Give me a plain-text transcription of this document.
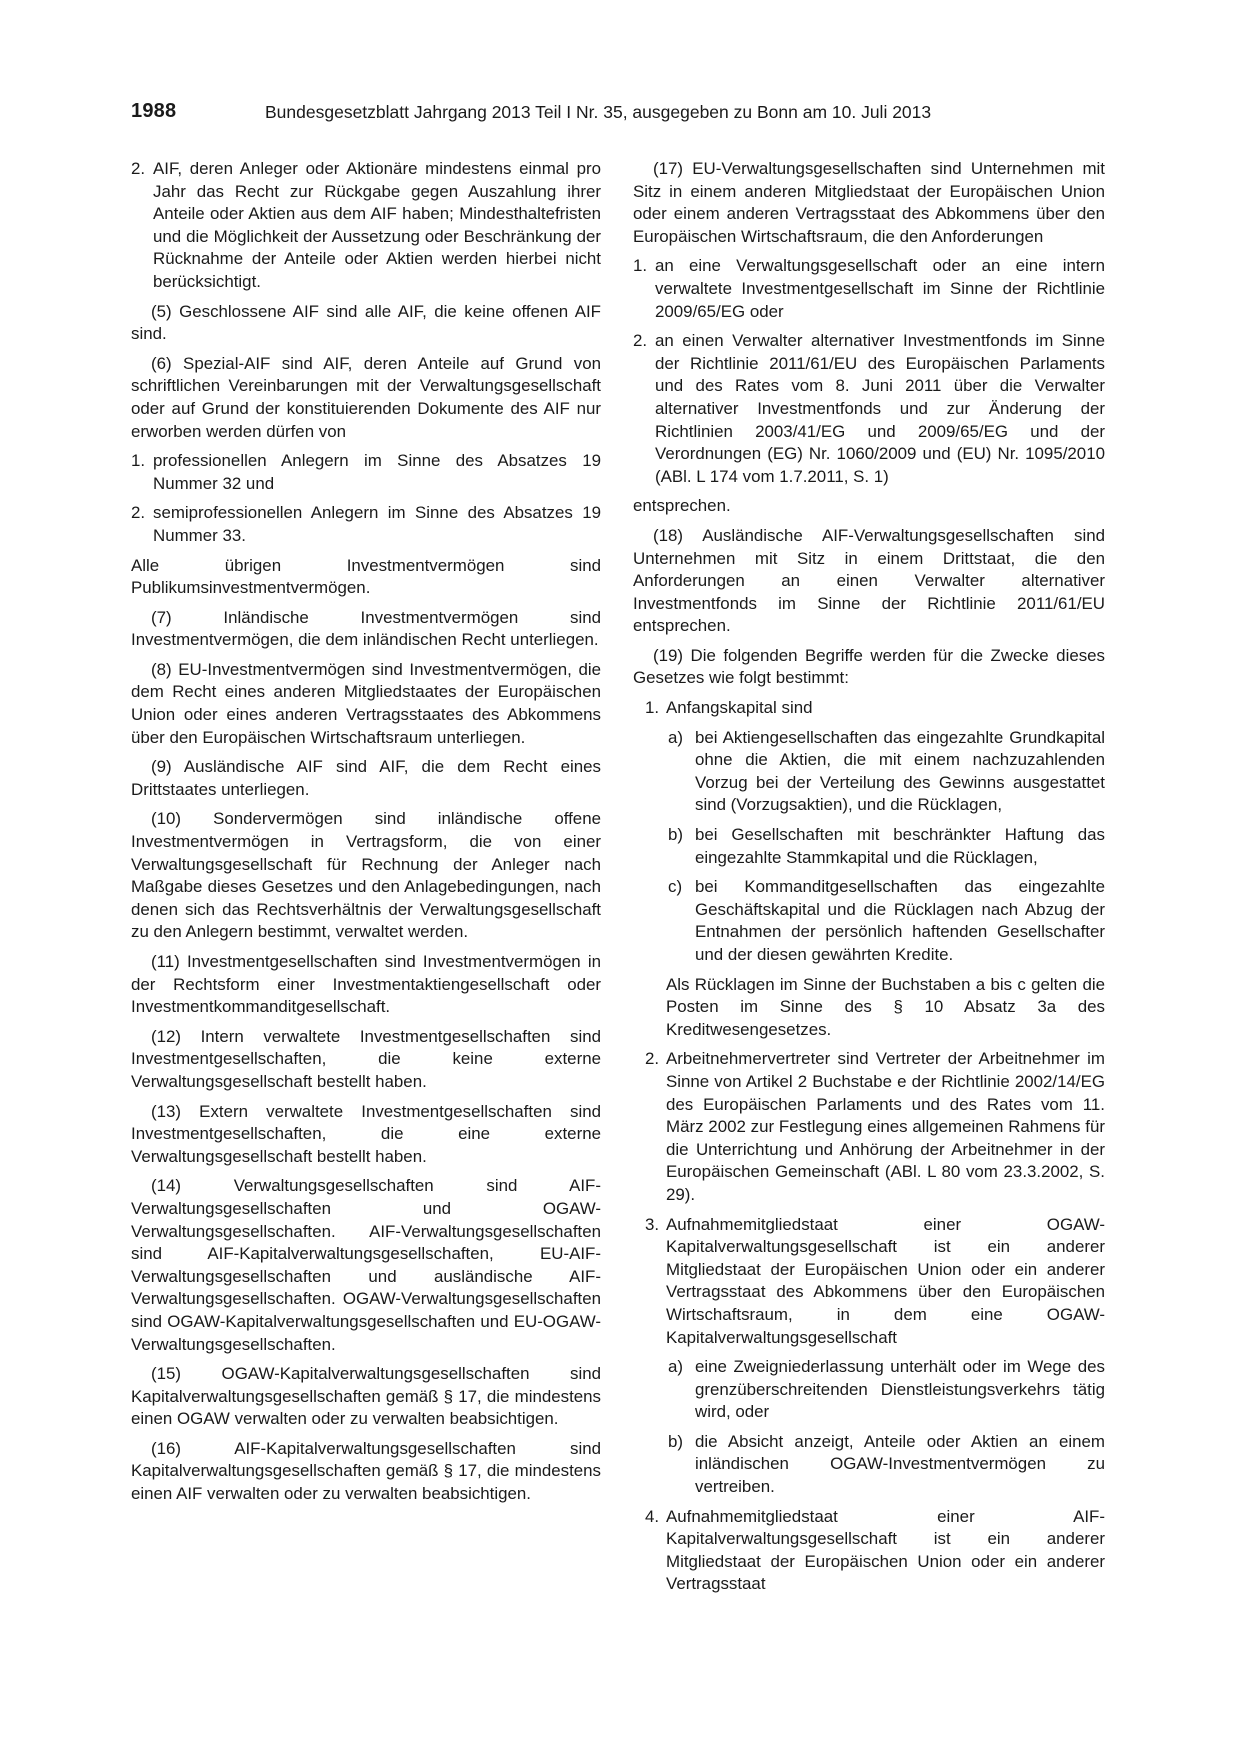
1988	Bundesgesetzblatt Jahrgang 2013 Teil I Nr. 35, ausgegeben zu Bonn am 10. Juli 2013
2. AIF, deren Anleger oder Aktionäre mindestens einmal pro Jahr das Recht zur Rückgabe gegen Auszahlung ihrer Anteile oder Aktien aus dem AIF haben; Mindesthaltefristen und die Möglichkeit der Aussetzung oder Beschränkung der Rücknahme der Anteile oder Aktien werden hierbei nicht berücksichtigt.

(5) Geschlossene AIF sind alle AIF, die keine offenen AIF sind.

(6) Spezial-AIF sind AIF, deren Anteile auf Grund von schriftlichen Vereinbarungen mit der Verwaltungsgesellschaft oder auf Grund der konstituierenden Dokumente des AIF nur erworben werden dürfen von

1. professionellen Anlegern im Sinne des Absatzes 19 Nummer 32 und
2. semiprofessionellen Anlegern im Sinne des Absatzes 19 Nummer 33.

Alle übrigen Investmentvermögen sind Publikumsinvestmentvermögen.

(7) Inländische Investmentvermögen sind Investmentvermögen, die dem inländischen Recht unterliegen.

(8) EU-Investmentvermögen sind Investmentvermögen, die dem Recht eines anderen Mitgliedstaates der Europäischen Union oder eines anderen Vertragsstaates des Abkommens über den Europäischen Wirtschaftsraum unterliegen.

(9) Ausländische AIF sind AIF, die dem Recht eines Drittstaates unterliegen.

(10) Sondervermögen sind inländische offene Investmentvermögen in Vertragsform, die von einer Verwaltungsgesellschaft für Rechnung der Anleger nach Maßgabe dieses Gesetzes und den Anlagebedingungen, nach denen sich das Rechtsverhältnis der Verwaltungsgesellschaft zu den Anlegern bestimmt, verwaltet werden.

(11) Investmentgesellschaften sind Investmentvermögen in der Rechtsform einer Investmentaktiengesellschaft oder Investmentkommanditgesellschaft.

(12) Intern verwaltete Investmentgesellschaften sind Investmentgesellschaften, die keine externe Verwaltungsgesellschaft bestellt haben.

(13) Extern verwaltete Investmentgesellschaften sind Investmentgesellschaften, die eine externe Verwaltungsgesellschaft bestellt haben.

(14) Verwaltungsgesellschaften sind AIF-Verwaltungsgesellschaften und OGAW-Verwaltungsgesellschaften. AIF-Verwaltungsgesellschaften sind AIF-Kapitalverwaltungsgesellschaften, EU-AIF-Verwaltungsgesellschaften und ausländische AIF-Verwaltungsgesellschaften. OGAW-Verwaltungsgesellschaften sind OGAW-Kapitalverwaltungsgesellschaften und EU-OGAW-Verwaltungsgesellschaften.

(15) OGAW-Kapitalverwaltungsgesellschaften sind Kapitalverwaltungsgesellschaften gemäß § 17, die mindestens einen OGAW verwalten oder zu verwalten beabsichtigen.

(16) AIF-Kapitalverwaltungsgesellschaften sind Kapitalverwaltungsgesellschaften gemäß § 17, die mindestens einen AIF verwalten oder zu verwalten beabsichtigen.

(17) EU-Verwaltungsgesellschaften sind Unternehmen mit Sitz in einem anderen Mitgliedstaat der Europäischen Union oder einem anderen Vertragsstaat des Abkommens über den Europäischen Wirtschaftsraum, die den Anforderungen

1. an eine Verwaltungsgesellschaft oder an eine intern verwaltete Investmentgesellschaft im Sinne der Richtlinie 2009/65/EG oder
2. an einen Verwalter alternativer Investmentfonds im Sinne der Richtlinie 2011/61/EU des Europäischen Parlaments und des Rates vom 8. Juni 2011 über die Verwalter alternativer Investmentfonds und zur Änderung der Richtlinien 2003/41/EG und 2009/65/EG und der Verordnungen (EG) Nr. 1060/2009 und (EU) Nr. 1095/2010 (ABl. L 174 vom 1.7.2011, S. 1)

entsprechen.

(18) Ausländische AIF-Verwaltungsgesellschaften sind Unternehmen mit Sitz in einem Drittstaat, die den Anforderungen an einen Verwalter alternativer Investmentfonds im Sinne der Richtlinie 2011/61/EU entsprechen.

(19) Die folgenden Begriffe werden für die Zwecke dieses Gesetzes wie folgt bestimmt:

1. Anfangskapital sind
a) bei Aktiengesellschaften das eingezahlte Grundkapital ohne die Aktien, die mit einem nachzuzahlenden Vorzug bei der Verteilung des Gewinns ausgestattet sind (Vorzugsaktien), und die Rücklagen,
b) bei Gesellschaften mit beschränkter Haftung das eingezahlte Stammkapital und die Rücklagen,
c) bei Kommanditgesellschaften das eingezahlte Geschäftskapital und die Rücklagen nach Abzug der Entnahmen der persönlich haftenden Gesellschafter und der diesen gewährten Kredite.

Als Rücklagen im Sinne der Buchstaben a bis c gelten die Posten im Sinne des § 10 Absatz 3a des Kreditwesengesetzes.

2. Arbeitnehmervertreter sind Vertreter der Arbeitnehmer im Sinne von Artikel 2 Buchstabe e der Richtlinie 2002/14/EG des Europäischen Parlaments und des Rates vom 11. März 2002 zur Festlegung eines allgemeinen Rahmens für die Unterrichtung und Anhörung der Arbeitnehmer in der Europäischen Gemeinschaft (ABl. L 80 vom 23.3.2002, S. 29).
3. Aufnahmemitgliedstaat einer OGAW-Kapitalverwaltungsgesellschaft ist ein anderer Mitgliedstaat der Europäischen Union oder ein anderer Vertragsstaat des Abkommens über den Europäischen Wirtschaftsraum, in dem eine OGAW-Kapitalverwaltungsgesellschaft
a) eine Zweigniederlassung unterhält oder im Wege des grenzüberschreitenden Dienstleistungsverkehrs tätig wird, oder
b) die Absicht anzeigt, Anteile oder Aktien an einem inländischen OGAW-Investmentvermögen zu vertreiben.
4. Aufnahmemitgliedstaat einer AIF-Kapitalverwaltungsgesellschaft ist ein anderer Mitgliedstaat der Europäischen Union oder ein anderer Vertragsstaat
